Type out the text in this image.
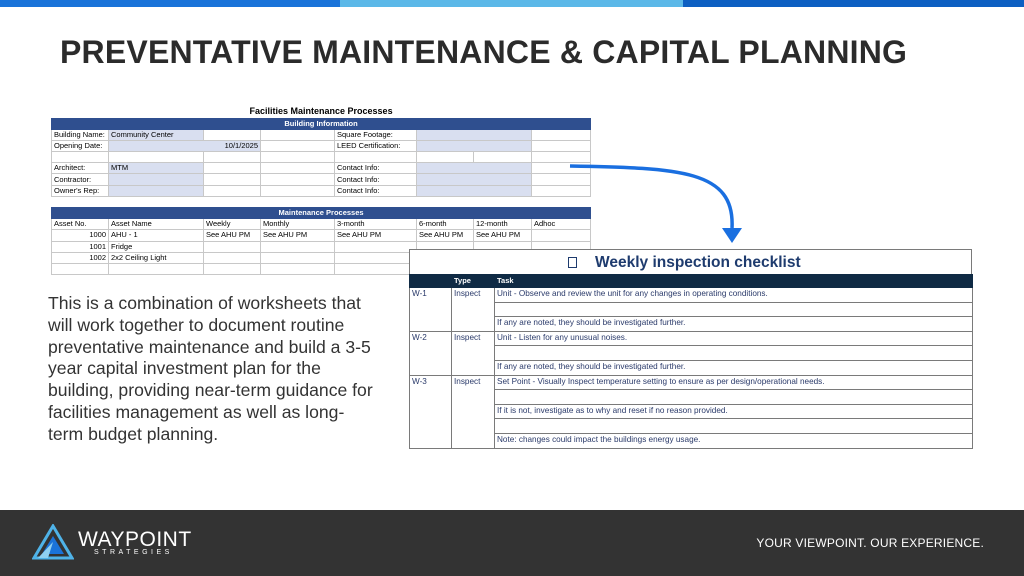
PREVENTATIVE MAINTENANCE & CAPITAL PLANNING
Facilities Maintenance Processes							
Building Information							
Building Name:	Community Center			Square Footage:			
Opening Date:	10/1/2025			LEED Certification:			

Architect:	MTM			Contact Info:			
Contractor:				Contact Info:			
Owner's Rep:				Contact Info:			

Maintenance Processes							
Asset No.	Asset Name	Weekly	Monthly	3-month	6-month	12-month	Adhoc
1000	AHU - 1	See AHU PM	See AHU PM	See AHU PM	See AHU PM	See AHU PM	
1001	Fridge						
1002	2x2 Ceiling Light						

This is a combination of worksheets that will work together to document routine preventative maintenance and build a 3-5 year capital investment plan for the building, providing near-term guidance for facilities management as well as long-term budget planning.
Weekly inspection checklist
	Type	Task
W-1	Inspect	Unit - Observe and review the unit for any changes in operating conditions.

		If any are noted, they should be investigated further.
W-2	Inspect	Unit - Listen for any unusual noises.

		If any are noted, they should be investigated further.
W-3	Inspect	Set Point - Visually Inspect temperature setting to ensure as per design/operational needs.

		If it is not, investigate as to why and reset if no reason provided.

		Note: changes could impact the buildings energy usage.
WAYPOINT
STRATEGIES
YOUR VIEWPOINT. OUR EXPERIENCE.
